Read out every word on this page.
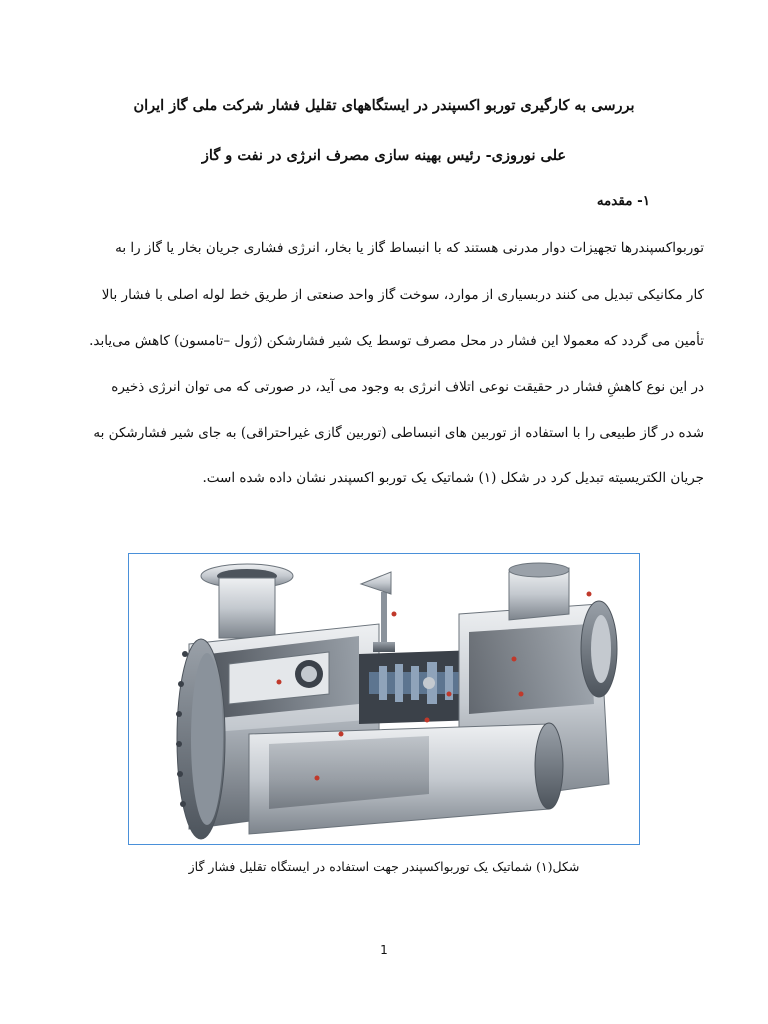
بررسی به کارگیری توربو اکسپندر در ایستگاههای تقلیل فشار شرکت ملی گاز ایران
علی نوروزی- رئیس بهینه سازی مصرف انرژی در نفت و گاز
۱- مقدمه
توربواکسپندرها تجهیزات دوار مدرنی هستند که با انبساط گاز یا بخار، انرژی فشاری جریان بخار یا گاز را به
کار مکانیکی تبدیل می کنند دربسیاری از موارد، سوخت گاز واحد صنعتی از طریق خط لوله اصلی با فشار بالا
تأمین می گردد که معمولا این فشار در محل مصرف توسط یک شیر فشارشکن (ژول –تامسون) کاهش می‌یابد.
در این نوع کاهشِ فشار در حقیقت نوعی اتلاف انرژی به وجود می آید، در صورتی که می توان انرژی ذخیره
شده در گاز طبیعی را با استفاده از توربین های انبساطی (توربین گازی غیراحتراقی) به جای شیر فشارشکن به
جریان الکتریسیته تبدیل کرد در شکل (۱) شماتیک یک توربو اکسپندر نشان داده شده است.
شکل(۱) شماتیک یک توربواکسپندر جهت استفاده در ایستگاه تقلیل فشار گاز
1
